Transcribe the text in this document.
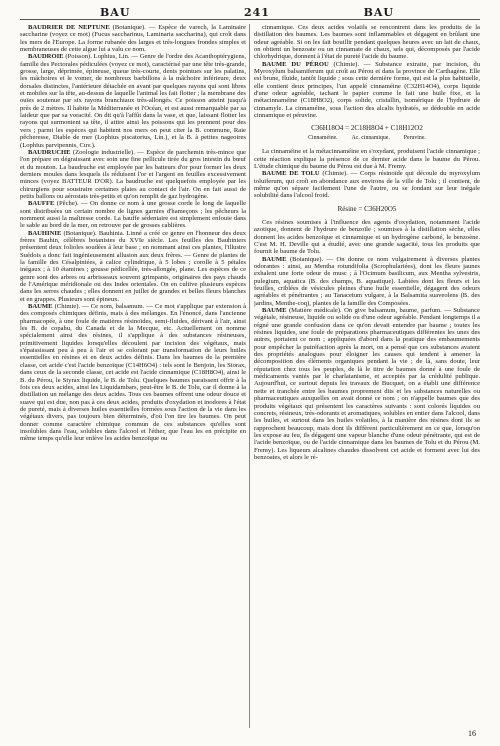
BAU	241	BAU

BAUDRIER DE NEPTUNE (Botanique). — Espèce de varech, la Laminaire saccharine (voyez ce mot) (Fucus saccharinus, Laminaria saccharina), qui croît dans les mers de l'Europe. La forme rubanée des larges et très-longues frondes simples et membraneuses de cette algue lui a valu ce nom.

BAUDROIE (Poisson). Lophius, Lin. — Genre de l'ordre des Acanthoptérygiens, famille des Pectorales pédiculées (voyez ce mot), caractérisé par une tête très-grande, grosse, large, déprimée, épineuse, queue très-courte, dents pointues sur les palatins, les mâchoires et le vomer, de nombreux barbillons à la mâchoire inférieure, deux dorsales distinctes, l'antérieure détachée en avant par quelques rayons qui sont libres et mobiles sur la tête, au-dessus de laquelle l'animal les fait flotter ; la membrane des ouïes soutenue par six rayons branchiaux très-allongés. Ce poisson atteint jusqu'à près de 2 mètres. Il habite la Méditerranée et l'Océan, et est aussi remarquable par sa laideur que par sa voracité. On dit qu'à l'affût dans la vase, et que, laissant flotter les rayons qui surmontent sa tête, il attire ainsi les poissons qui les prennent pour des vers ; parmi les espèces qui habitent nos mers on peut citer la B. commune, Raie pêcheresse, Diable de mer (Lophius piscatorius, Lin.), et la B. à petites nageoires (Lophius parvipennis, Cuv.).

BAUDRUCHE (Zoologie industrielle). — Espèce de parchemin très-mince que l'on prépare en dégraissant avec soin une fine pellicule tirée du gros intestin du bœuf et du mouton. La baudruche est employée par les batteurs d'or pour former les deux derniers moules dans lesquels ils réduisent l'or et l'argent en feuilles excessivement minces (voyez BATTEUR D'OR). La baudruche est quelquefois employée par les chirurgiens pour soustraire certaines plaies au contact de l'air. On en fait aussi de petits ballons ou aérostats très-petits et qu'on remplit de gaz hydrogène.

BAUFFE (Pêche). — On donne ce nom à une grosse corde le long de laquelle sont distribuées un certain nombre de lignes garnies d'hameçons ; les pêcheurs la nomment aussi la maîtresse corde. La bauffe sédentaire est simplement enfouie dans le sable au bord de la mer, on retrouve par de grosses cablières.

BAUHINIE (Botanique). Bauhinia. Linné a créé ce genre en l'honneur des deux frères Bauhin, célèbres botanistes du XVIe siècle. Les feuilles des Bauhiniers présentent deux folioles soudées à leur base ; en nommant ainsi ces plantes, l'illustre Suédois a donc fait ingénieusement allusion aux deux frères. — Genre de plantes de la famille des Césalpiniées, à calice cylindrique, à 5 lobes ; corolle à 5 pétales inégaux ; à 10 étamines ; gousse pédicellée, très-allongée, plane. Les espèces de ce genre sont des arbres ou arbrisseaux souvent grimpants, originaires des pays chauds de l'Amérique méridionale ou des Indes orientales. On en cultive plusieurs espèces dans les serres chaudes ; elles donnent en juillet de grandes et belles fleurs blanches et en grappes. Plusieurs sont épineux.

BAUME (Chimie). — Ce nom, balsamum. — Ce mot s'applique par extension à des composés chimiques définis, mais à des mélanges. En l'énoncé, dans l'ancienne pharmacopée, à une foule de matières résinoïdes, semi-fluides, dérivant à l'air, ainsi les B. de copahu, du Canada et de la Mecque, etc. Actuellement on nomme spécialement ainsi des résines, il s'applique à des substances résineuses, primitivement liquides lorsqu'elles découlent par incision des végétaux, mais s'épaississant peu à peu à l'air et se colorant par transformation de leurs huiles essentielles en résines et en deux acides définis. Dans les baumes de la première classe, cet acide c'est l'acide benzoïque (C14H6O4) : tels sont le Benjoin, les Storax, dans ceux de la seconde classe, cet acide est l'acide cinnamique (C18H8O4), ainsi le B. du Pérou, le Styrax liquide, le B. de Tolu. Quelques baumes paraissent offrir à la fois ces deux acides, ainsi les Liquidambars, peut-être le B. de Tolu, car il donne à la distillation un mélange des deux acides. Tous ces baumes offrent une odeur douce et suave qui est due, non pas à ces deux acides, produits d'oxydation et inodores à l'état de pureté, mais à diverses huiles essentielles formées sous l'action de la vie dans les végétaux divers, pas toujours bien déterminés, d'où l'on tire les baumes. On peut donner comme caractère chimique commun de ces substances qu'elles sont insolubles dans l'eau, solubles dans l'alcool et l'éther, que l'eau les en précipite en même temps qu'elle leur enlève les acides benzoïque ou

cinnamique. Ces deux acides volatils se rencontrent dans les produits de la distillation des baumes. Les baumes sont inflammables et dégagent en brûlant une odeur agréable. Si on les fait bouillir pendant quelques heures avec un lait de chaux, on obtient un benzoate ou un cinnamate de chaux, sels qui, décomposés par l'acide chlorhydrique, donnent à l'état de pureté l'acide du baume.

BAUME DU PÉROU (Chimie). — Substance extraite, par incision, du Myroxylum balsamiferum qui croît au Pérou et dans la province de Carthagène. Elle est brune, fluide, tantôt liquide ; sous cette dernière forme, qui est la plus habituelle, elle contient deux principes, l'un appelé cinnaméine (C32H14O4), corps liquide d'une odeur agréable, tachant le papier comme le fait une huile fixe, et la métacinnaméine (C18H8O2), corps solide, cristallin, isomérique de l'hydrure de cinnamyle. La cinnaméine, sous l'action des alcalis hydratés, se dédouble en acide cinnamique et péruvine.

C36H18O4 = 2C18H8O4 + C18H12O2
Cinnaméine. Ac. cinnamique. Peruvine.

La cinnaméine et la métacinnaméine en s'oxydant, produisent l'acide cinnamique ; cette réaction explique la présence de ce dernier acide dans le baume du Pérou. L'étude chimique du baume du Pérou est due à M. Fremy.

BAUME DE TOLU (Chimie). — Corps résinoïde qui découle du myroxylum toluiferum, qui croît en abondance aux environs de la ville de Tolu ; il contient, de même qu'on sépare facilement l'une de l'autre, ou se fondant sur leur inégale solubilité dans l'alcool froid.

Résine = C36H20O5

Ces résines soumises à l'influence des agents d'oxydation, notamment l'acide azotique, donnent de l'hydrure de benzoïle ; soumises à la distillation sèche, elles donnent les acides benzoïque et cinnamique et un hydrogène carboné, le benzoène. C'est M. H. Deville qui a étudié, avec une grande sagacité, tous les produits que fournit le baume de Tolu.

BAUME (Botanique). — On donne ce nom vulgairement à diverses plantes odorantes : ainsi, au Mentha rotundifolia (Scrophulariées), dont les fleurs jaunes exhalent une forte odeur de musc ; à l'Ocimum basilicum, aux Mentha sylvestris, pulegium, aquatica (B. des champs, B. aquatique). Labiées dont les fleurs et les feuilles, criblées de vésicules pleines d'une huile essentielle, dégagent des odeurs agréables et pénétrantes ; au Tanacetum vulgare, à la Balsamita suaveolens (B. des jardins, Menthe-coq), plantes de la famille des Composées.

BAUME (Matière médicale). On give balsamum, baume, parfum. — Substance végétale, résineuse, liquide ou solide ou d'une odeur agréable. Pendant longtemps il a régné une grande confusion dans ce qu'on devait entendre par baume ; toutes les résines liquides, une foule de préparations pharmaceutiques différentes les unes des autres, portaient ce nom ; appliquées d'abord dans la pratique des embaumements pour empêcher la putréfaction après la mort, on a pensé que ces substances avaient des propriétés analogues pour éloigner les causes qui tendent à amener la décomposition des éléments organiques pendant la vie ; de là, sans doute, leur réputation chez tous les peuples, de là le titre de baumes donné à une foule de médicaments vantés par le charlatanisme, et acceptés par la crédulité publique. Aujourd'hui, ce surtout depuis les travaux de Bucquet, on a établi une différence nette et tranchée entre les baumes proprement dits et les substances naturelles ou pharmaceutiques auxquelles on avait donné ce nom ; on n'appelle baumes que des produits végétaux qui présentent les caractères suivants : sont colorés liquides ou concrets, résineux, très-odorants et aromatiques, solubles en entier dans l'alcool, dans les huiles, et surtout dans les huiles volatiles, à la manière des résines dont ils se rapprochent beaucoup, mais dont ils diffèrent particulièrement en ce que, lorsqu'on les expose au feu, ils dégagent une vapeur blanche d'une odeur pénétrante, qui est de l'acide benzoïque, ou de l'acide cinnamique dans les baumes de Tolu et du Pérou (M. Fremy). Les liqueurs alcalines chaudes dissolvent cet acide et forment avec lui des benzoates, et alors le ré-

16
